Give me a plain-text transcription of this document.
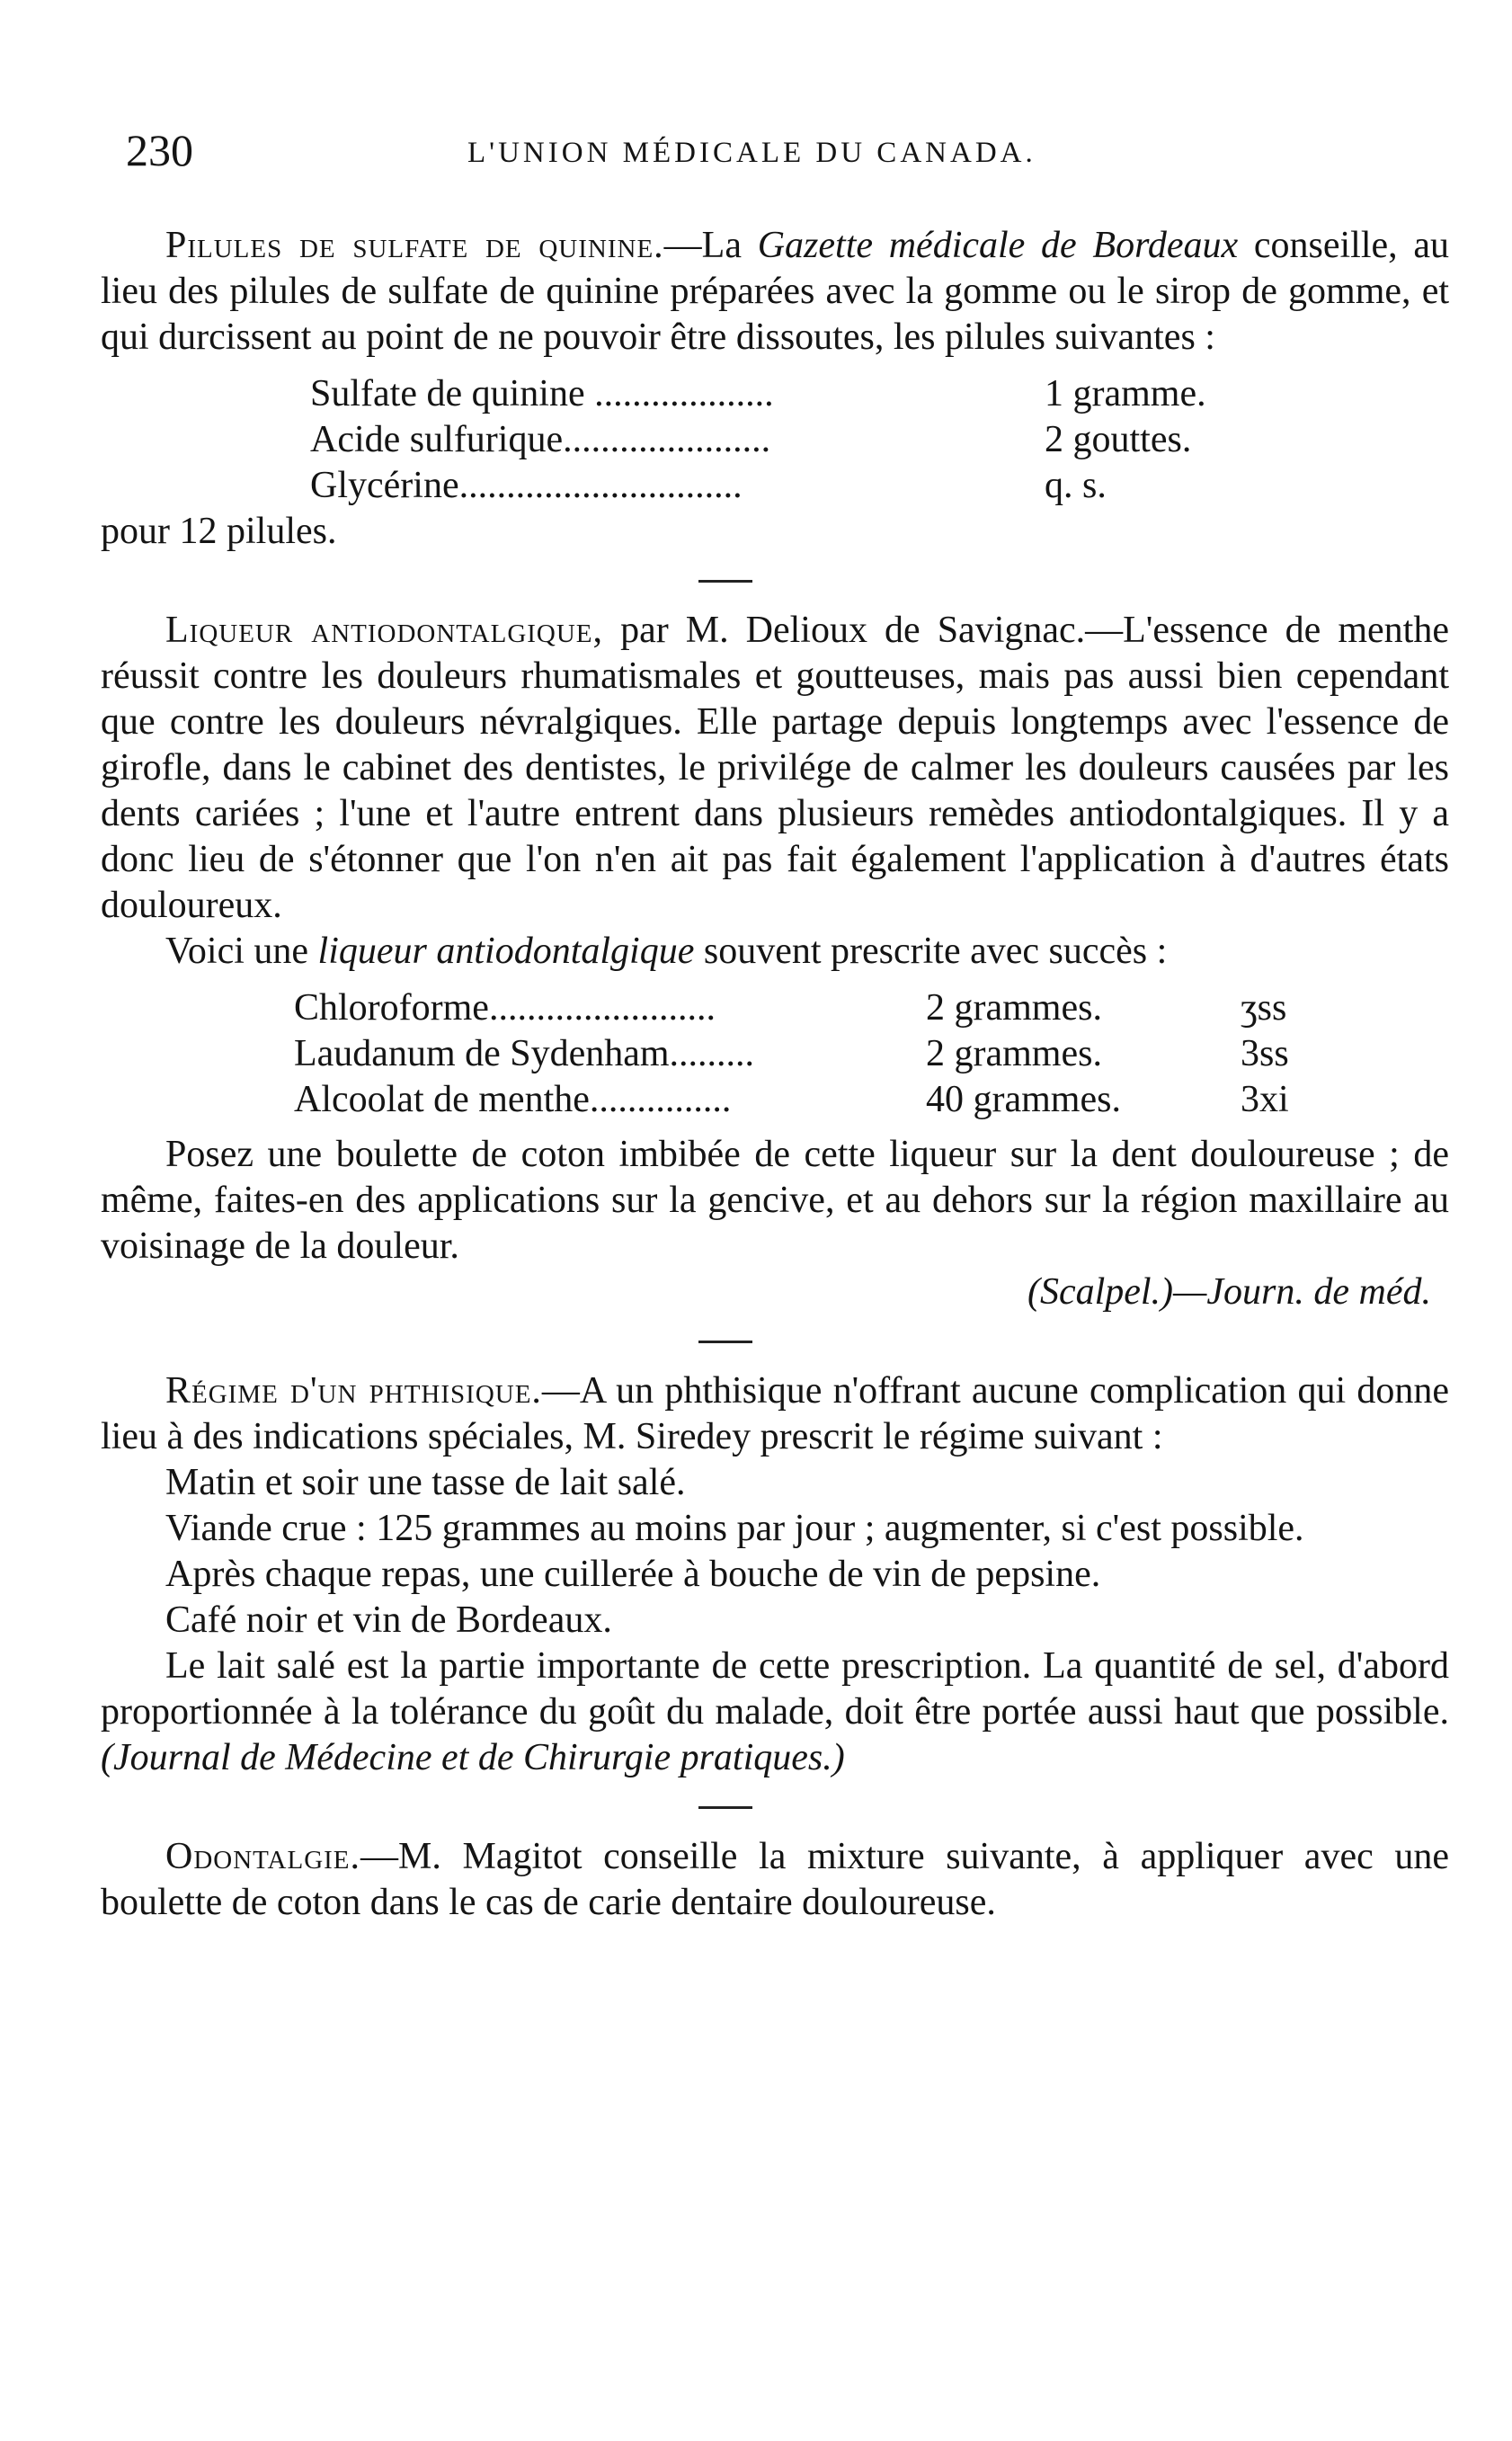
230	L'UNION MÉDICALE DU CANADA.

Pilules de sulfate de quinine.—La Gazette médicale de Bordeaux conseille, au lieu des pilules de sulfate de quinine préparées avec la gomme ou le sirop de gomme, et qui durcissent au point de ne pouvoir être dissoutes, les pilules suivantes :

Sulfate de quinine ...................	1 gramme.
Acide sulfurique......................	2 gouttes.
Glycérine..............................	q. s.
pour 12 pilules.

Liqueur antiodontalgique, par M. Delioux de Savignac.—L'essence de menthe réussit contre les douleurs rhumatismales et goutteuses, mais pas aussi bien cependant que contre les douleurs névralgiques. Elle partage depuis longtemps avec l'essence de girofle, dans le cabinet des dentistes, le privilége de calmer les douleurs causées par les dents cariées ; l'une et l'autre entrent dans plusieurs remèdes antiodontalgiques. Il y a donc lieu de s'étonner que l'on n'en ait pas fait également l'application à d'autres états douloureux.

Voici une liqueur antiodontalgique souvent prescrite avec succès :

Chloroforme........................	2 grammes.	ʒss
Laudanum de Sydenham.........	2 grammes.	3ss
Alcoolat de menthe...............	40 grammes.	3xi

Posez une boulette de coton imbibée de cette liqueur sur la dent douloureuse ; de même, faites-en des applications sur la gencive, et au dehors sur la région maxillaire au voisinage de la douleur.

(Scalpel.)—Journ. de méd.

Régime d'un phthisique.—A un phthisique n'offrant aucune complication qui donne lieu à des indications spéciales, M. Siredey prescrit le régime suivant :

Matin et soir une tasse de lait salé.

Viande crue : 125 grammes au moins par jour ; augmenter, si c'est possible.

Après chaque repas, une cuillerée à bouche de vin de pepsine.

Café noir et vin de Bordeaux.

Le lait salé est la partie importante de cette prescription. La quantité de sel, d'abord proportionnée à la tolérance du goût du malade, doit être portée aussi haut que possible. (Journal de Médecine et de Chirurgie pratiques.)

Odontalgie.—M. Magitot conseille la mixture suivante, à appliquer avec une boulette de coton dans le cas de carie dentaire douloureuse.
